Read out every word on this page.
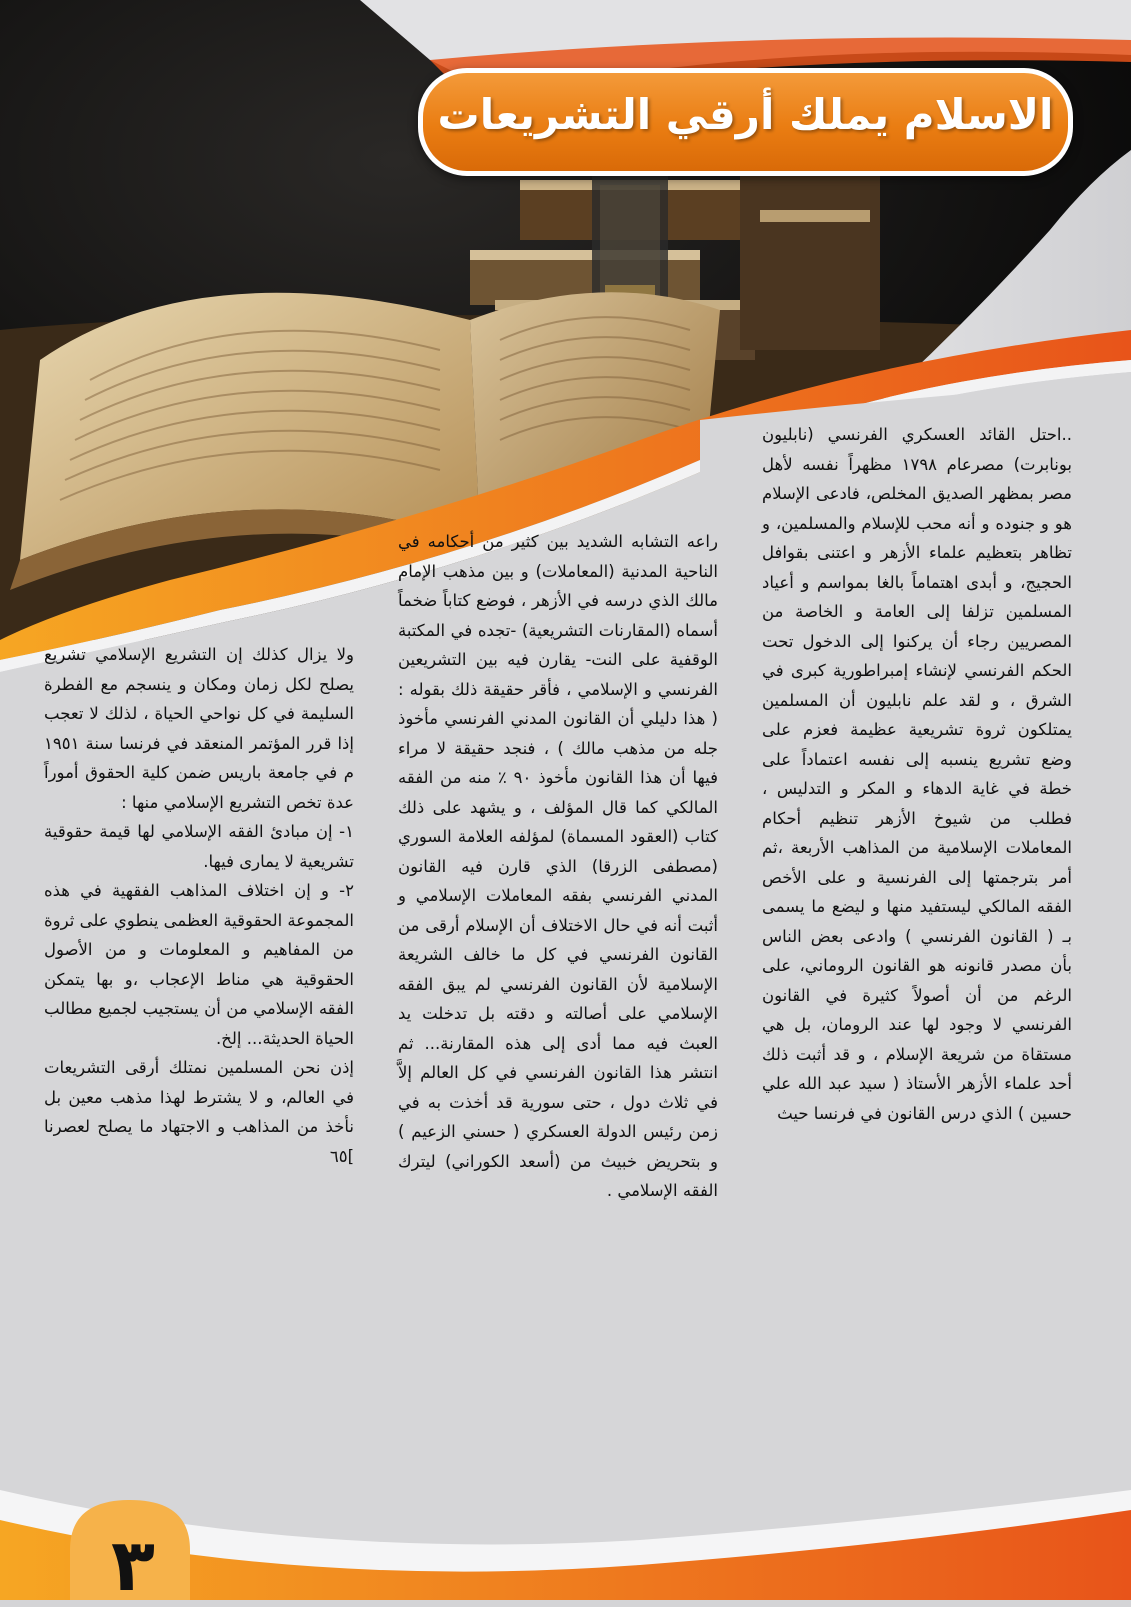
الاسلام يملك أرقي التشريعات
..احتل القائد العسكري الفرنسي (نابليون بونابرت) مصرعام ١٧٩٨ مظهراً نفسه لأهل مصر بمظهر الصديق المخلص، فادعى الإسلام هو و جنوده و أنه محب للإسلام والمسلمين، و تظاهر بتعظيم علماء الأزهر و اعتنى بقوافل الحجيج، و أبدى اهتماماً بالغا بمواسم و أعياد المسلمين تزلفا إلى العامة و الخاصة من المصريين رجاء أن يركنوا إلى الدخول تحت الحكم الفرنسي لإنشاء إمبراطورية كبرى في الشرق ، و لقد علم نابليون أن المسلمين يمتلكون ثروة تشريعية عظيمة فعزم على وضع تشريع ينسبه إلى نفسه اعتماداً على خطة في غاية الدهاء و المكر و التدليس ، فطلب من شيوخ الأزهر تنظيم أحكام المعاملات الإسلامية من المذاهب الأربعة ،ثم أمر بترجمتها إلى الفرنسية و على الأخص الفقه المالكي ليستفيد منها و ليضع ما يسمى بـ ( القانون الفرنسي ) وادعى بعض الناس بأن مصدر قانونه هو القانون الروماني، على الرغم من أن أصولاً كثيرة في القانون الفرنسي لا وجود لها عند الرومان، بل هي مستقاة من شريعة الإسلام ، و قد أثبت ذلك أحد علماء الأزهر الأستاذ ( سيد عبد الله علي حسين ) الذي درس القانون في فرنسا حيث
راعه التشابه الشديد بين كثير من أحكامه في الناحية المدنية (المعاملات) و بين مذهب الإمام مالك الذي درسه في الأزهر ، فوضع كتاباً ضخماً أسماه (المقارنات التشريعية) -تجده في المكتبة الوقفية على النت- يقارن فيه بين التشريعين الفرنسي و الإسلامي ، فأقر حقيقة ذلك بقوله : ( هذا دليلي أن القانون المدني الفرنسي مأخوذ جله من مذهب مالك ) ، فنجد حقيقة لا مراء فيها أن هذا القانون مأخوذ ٩٠ ٪ منه من الفقه المالكي كما قال المؤلف ، و يشهد على ذلك كتاب (العقود المسماة) لمؤلفه العلامة السوري (مصطفى الزرقا) الذي قارن فيه القانون المدني الفرنسي بفقه المعاملات الإسلامي و أثبت أنه في حال الاختلاف أن الإسلام أرقى من القانون الفرنسي في كل ما خالف الشريعة الإسلامية لأن القانون الفرنسي لم يبق الفقه الإسلامي على أصالته و دقته بل تدخلت يد العبث فيه مما أدى إلى هذه المقارنة... ثم انتشر هذا القانون الفرنسي في كل العالم إلاَّ في ثلاث دول ، حتى سورية قد أخذت به في زمن رئيس الدولة العسكري ( حسني الزعيم ) و بتحريض خبيث من (أسعد الكوراني) ليترك الفقه الإسلامي .
ولا يزال كذلك إن التشريع الإسلامي تشريع يصلح لكل زمان ومكان و ينسجم مع الفطرة السليمة في كل نواحي الحياة ، لذلك لا تعجب إذا قرر المؤتمر المنعقد في فرنسا سنة ١٩٥١ م في جامعة باريس ضمن كلية الحقوق أموراً عدة تخص التشريع الإسلامي منها :
١- إن مبادئ الفقه الإسلامي لها قيمة حقوقية تشريعية لا يمارى فيها.
٢- و إن اختلاف المذاهب الفقهية في هذه المجموعة الحقوقية العظمى ينطوي على ثروة من المفاهيم و المعلومات و من الأصول الحقوقية هي مناط الإعجاب ،و بها يتمكن الفقه الإسلامي من أن يستجيب لجميع مطالب الحياة الحديثة... إلخ.
إذن نحن المسلمين نمتلك أرقى التشريعات في العالم، و لا يشترط لهذا مذهب معين بل نأخذ من المذاهب و الاجتهاد ما يصلح لعصرنا ]٦٥
٣
